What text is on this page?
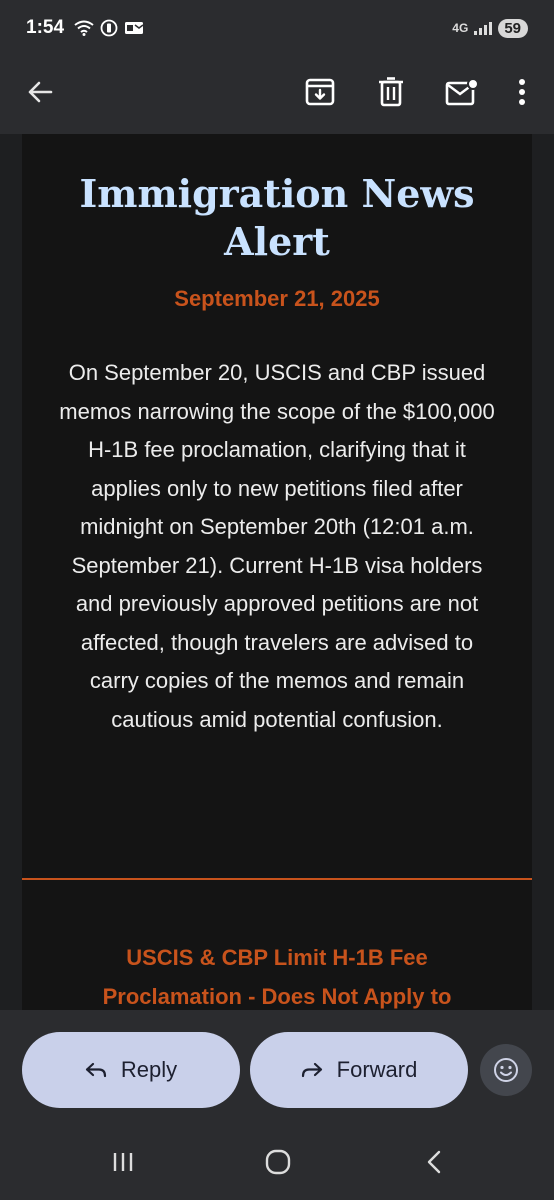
1:54	4G	59
Immigration News Alert
September 21, 2025
On September 20, USCIS and CBP issued memos narrowing the scope of the $100,000 H-1B fee proclamation, clarifying that it applies only to new petitions filed after midnight on September 20th (12:01 a.m. September 21). Current H-1B visa holders and previously approved petitions are not affected, though travelers are advised to carry copies of the memos and remain cautious amid potential confusion.
USCIS & CBP Limit H-1B Fee Proclamation - Does Not Apply to
Reply	Forward
